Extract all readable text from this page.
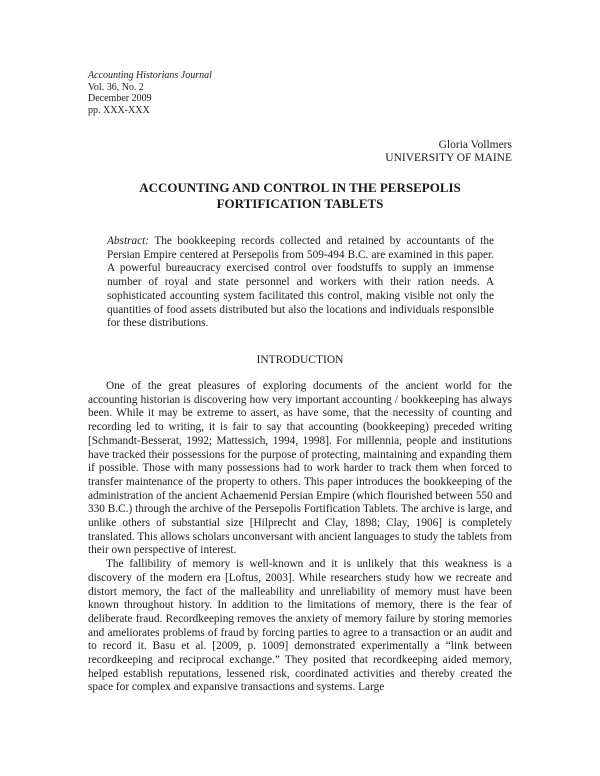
Accounting Historians Journal
Vol. 36, No. 2
December 2009
pp. XXX-XXX
Gloria Vollmers
UNIVERSITY OF MAINE
ACCOUNTING AND CONTROL IN THE PERSEPOLIS
FORTIFICATION TABLETS
Abstract: The bookkeeping records collected and retained by accountants of the Persian Empire centered at Persepolis from 509-494 B.C. are examined in this paper. A powerful bureaucracy exercised control over foodstuffs to supply an immense number of royal and state personnel and workers with their ration needs. A sophisticated accounting system facilitated this control, making visible not only the quantities of food assets distributed but also the locations and individuals responsible for these distributions.
INTRODUCTION

One of the great pleasures of exploring documents of the ancient world for the accounting historian is discovering how very important accounting / bookkeeping has always been. While it may be extreme to assert, as have some, that the necessity of counting and recording led to writing, it is fair to say that accounting (bookkeeping) preceded writing [Schmandt-Besserat, 1992; Mattessich, 1994, 1998]. For millennia, people and institutions have tracked their possessions for the purpose of protecting, maintaining and expanding them if possible. Those with many possessions had to work harder to track them when forced to transfer maintenance of the property to others. This paper introduces the bookkeeping of the administration of the ancient Achaemenid Persian Empire (which flourished between 550 and 330 B.C.) through the archive of the Persepolis Fortification Tablets. The archive is large, and unlike others of substantial size [Hilprecht and Clay, 1898; Clay, 1906] is completely translated. This allows scholars unconversant with ancient languages to study the tablets from their own perspective of interest.

The fallibility of memory is well-known and it is unlikely that this weakness is a discovery of the modern era [Loftus, 2003]. While researchers study how we recreate and distort memory, the fact of the malleability and unreliability of memory must have been known throughout history. In addition to the limitations of memory, there is the fear of deliberate fraud. Recordkeeping removes the anxiety of memory failure by storing memories and ameliorates problems of fraud by forcing parties to agree to a transaction or an audit and to record it. Basu et al. [2009, p. 1009] demonstrated experimentally a “link between recordkeeping and reciprocal exchange.” They posited that recordkeeping aided memory, helped establish reputations, lessened risk, coordinated activities and thereby created the space for complex and expansive transactions and systems. Large
